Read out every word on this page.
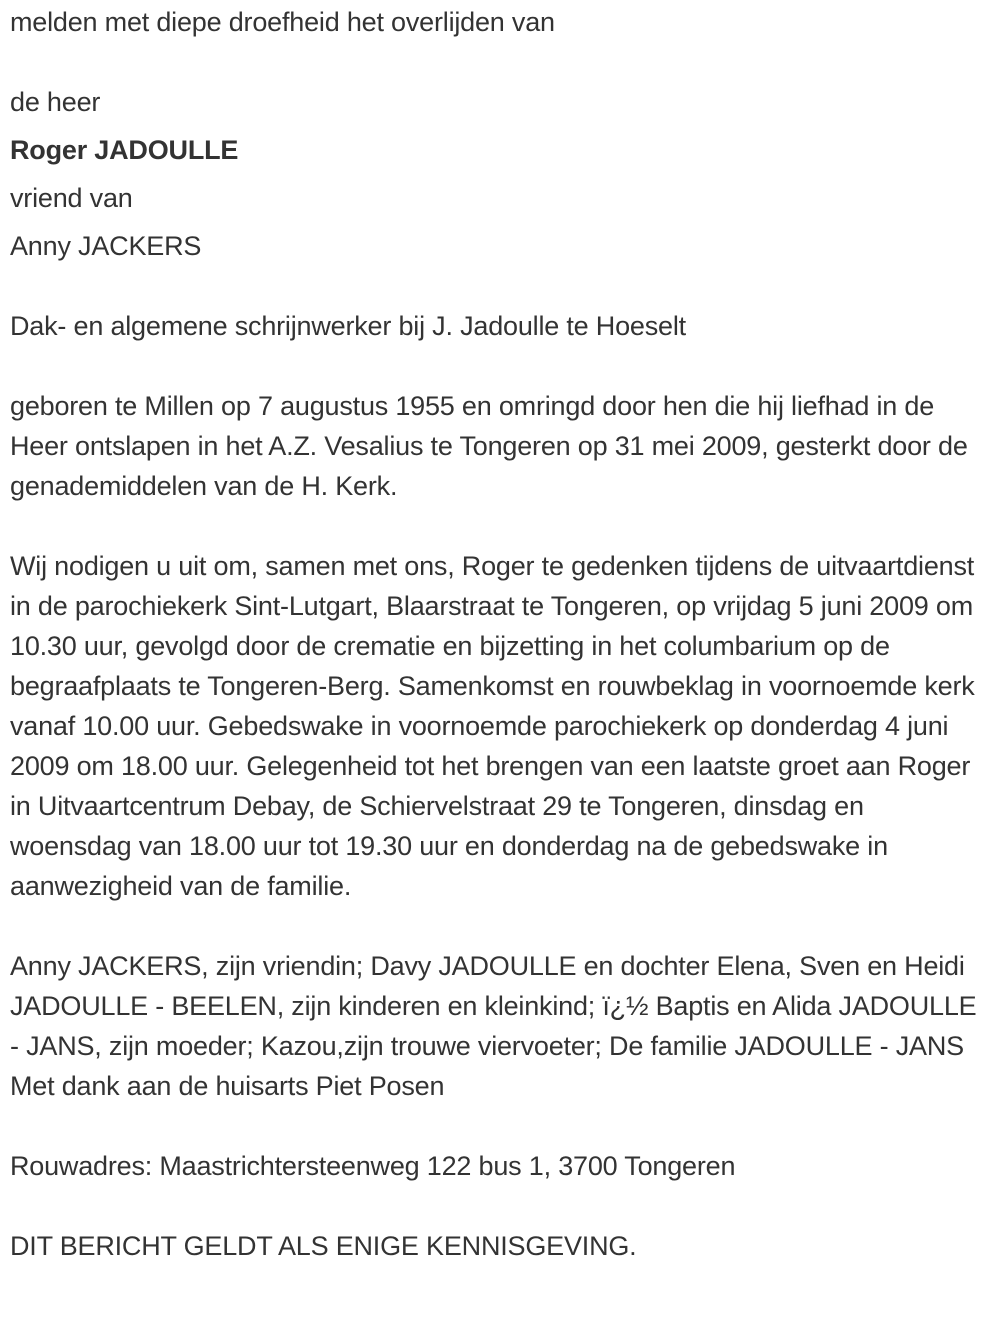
melden met diepe droefheid het overlijden van

de heer

Roger JADOULLE

vriend van

Anny JACKERS

Dak- en algemene schrijnwerker bij J. Jadoulle te Hoeselt

geboren te Millen op 7 augustus 1955 en omringd door hen die hij liefhad in de Heer ontslapen in het A.Z. Vesalius te Tongeren op 31 mei 2009, gesterkt door de genademiddelen van de H. Kerk.

Wij nodigen u uit om, samen met ons, Roger te gedenken tijdens de uitvaartdienst in de parochiekerk Sint-Lutgart, Blaarstraat te Tongeren, op vrijdag 5 juni 2009 om 10.30 uur, gevolgd door de crematie en bijzetting in het columbarium op de begraafplaats te Tongeren-Berg. Samenkomst en rouwbeklag in voornoemde kerk vanaf 10.00 uur. Gebedswake in voornoemde parochiekerk op donderdag 4 juni 2009 om 18.00 uur. Gelegenheid tot het brengen van een laatste groet aan Roger in Uitvaartcentrum Debay, de Schiervelstraat 29 te Tongeren, dinsdag en woensdag van 18.00 uur tot 19.30 uur en donderdag na de gebedswake in aanwezigheid van de familie.

Anny JACKERS, zijn vriendin; Davy JADOULLE en dochter Elena, Sven en Heidi JADOULLE - BEELEN, zijn kinderen en kleinkind; ï¿½ Baptis en Alida JADOULLE - JANS, zijn moeder; Kazou,zijn trouwe viervoeter; De familie JADOULLE - JANS Met dank aan de huisarts Piet Posen

Rouwadres: Maastrichtersteenweg 122 bus 1, 3700 Tongeren

DIT BERICHT GELDT ALS ENIGE KENNISGEVING.
